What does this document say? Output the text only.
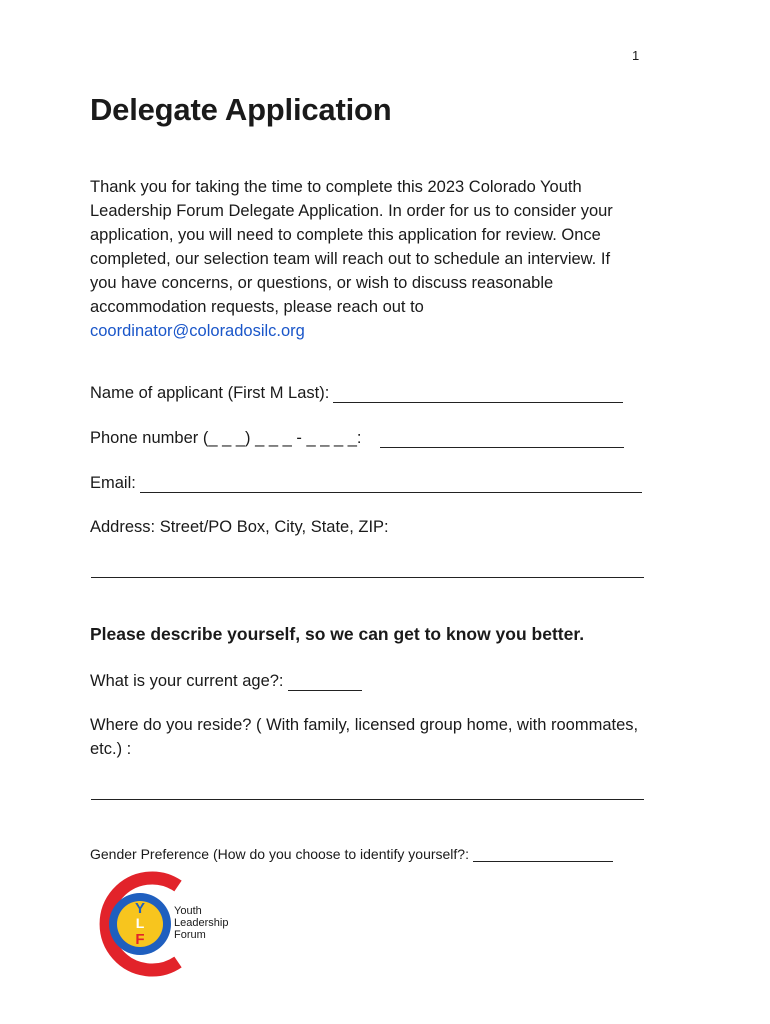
1
Delegate Application
Thank you for taking the time to complete this 2023 Colorado Youth
Leadership Forum Delegate Application. In order for us to consider your
application, you will need to complete this application for review. Once
completed, our selection team will reach out to schedule an interview. If
you have concerns, or questions, or wish to discuss reasonable
accommodation requests, please reach out to
coordinator@coloradosilc.org
Name of applicant (First M Last):
Phone number (_ _ _) _ _ _ - _ _ _ _:
Email:
Address: Street/PO Box, City, State, ZIP:
Please describe yourself, so we can get to know you better.
What is your current age?:
Where do you reside? ( With family, licensed group home, with roommates,
etc.) :
Gender Preference (How do you choose to identify yourself?:
Y
L
F
Youth
Leadership
Forum
